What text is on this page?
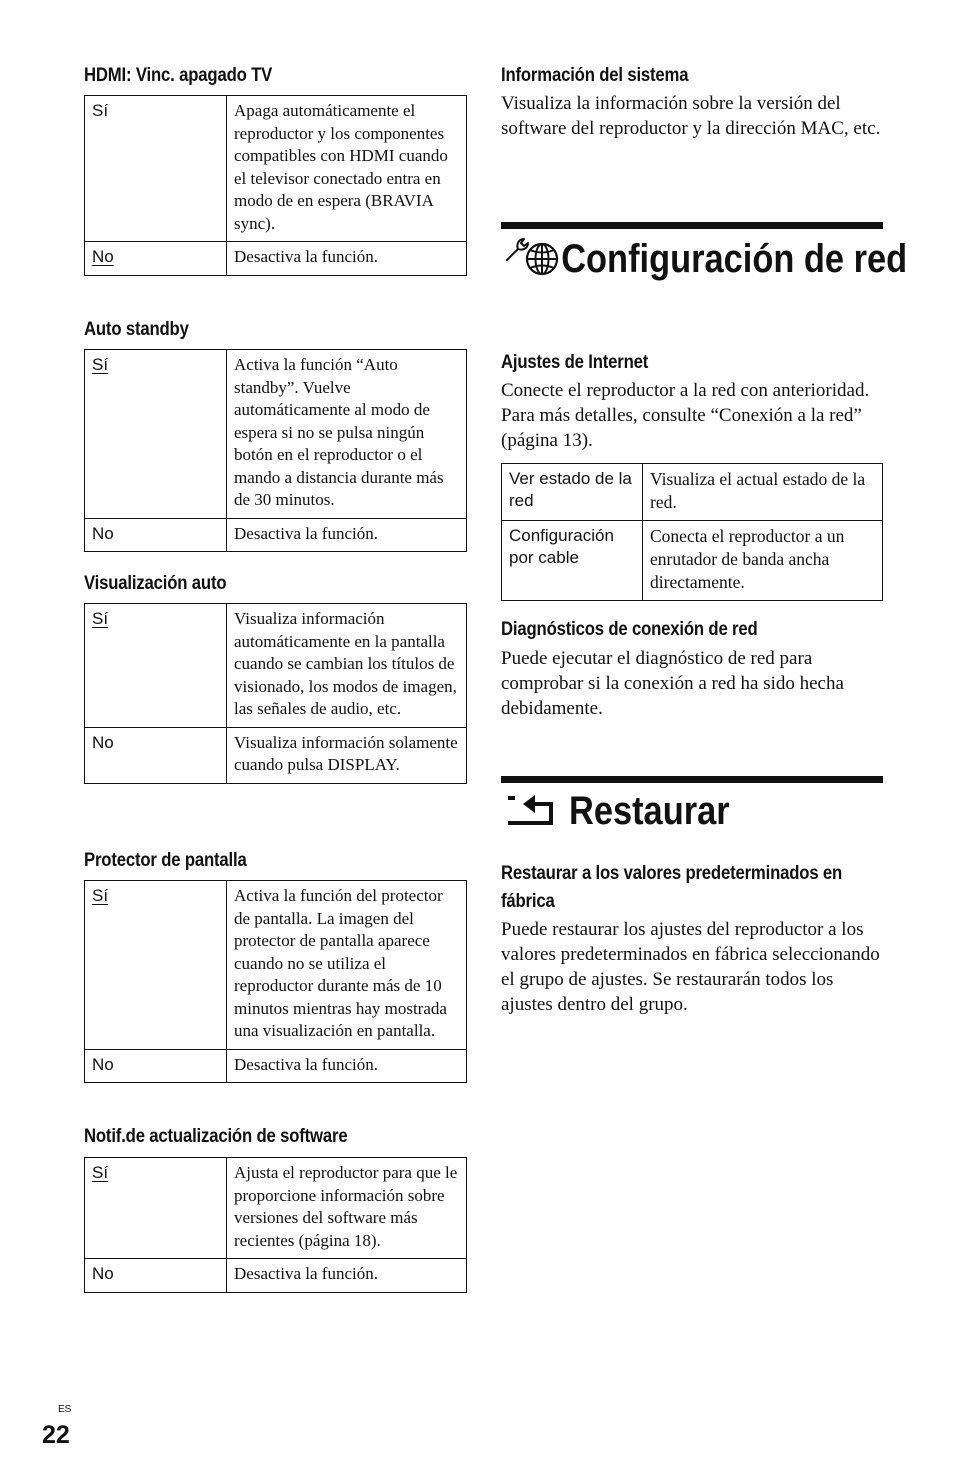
HDMI: Vinc. apagado TV
Sí	Apaga automáticamente el reproductor y los componentes compatibles con HDMI cuando el televisor conectado entra en modo de en espera (BRAVIA sync).
No	Desactiva la función.
Auto standby
Sí	Activa la función “Auto standby”. Vuelve automáticamente al modo de espera si no se pulsa ningún botón en el reproductor o el mando a distancia durante más de 30 minutos.
No	Desactiva la función.
Visualización auto
Sí	Visualiza información automáticamente en la pantalla cuando se cambian los títulos de visionado, los modos de imagen, las señales de audio, etc.
No	Visualiza información solamente cuando pulsa DISPLAY.
Protector de pantalla
Sí	Activa la función del protector de pantalla. La imagen del protector de pantalla aparece cuando no se utiliza el reproductor durante más de 10 minutos mientras hay mostrada una visualización en pantalla.
No	Desactiva la función.
Notif.de actualización de software
Sí	Ajusta el reproductor para que le proporcione información sobre versiones del software más recientes (página 18).
No	Desactiva la función.
Información del sistema
Visualiza la información sobre la versión del software del reproductor y la dirección MAC, etc.
Configuración de red
Ajustes de Internet
Conecte el reproductor a la red con anterioridad. Para más detalles, consulte “Conexión a la red” (página 13).
Ver estado de la red	Visualiza el actual estado de la red.
Configuración por cable	Conecta el reproductor a un enrutador de banda ancha directamente.
Diagnósticos de conexión de red
Puede ejecutar el diagnóstico de red para comprobar si la conexión a red ha sido hecha debidamente.
Restaurar
Restaurar a los valores predeterminados en fábrica
Puede restaurar los ajustes del reproductor a los valores predeterminados en fábrica seleccionando el grupo de ajustes. Se restaurarán todos los ajustes dentro del grupo.
ES
22
